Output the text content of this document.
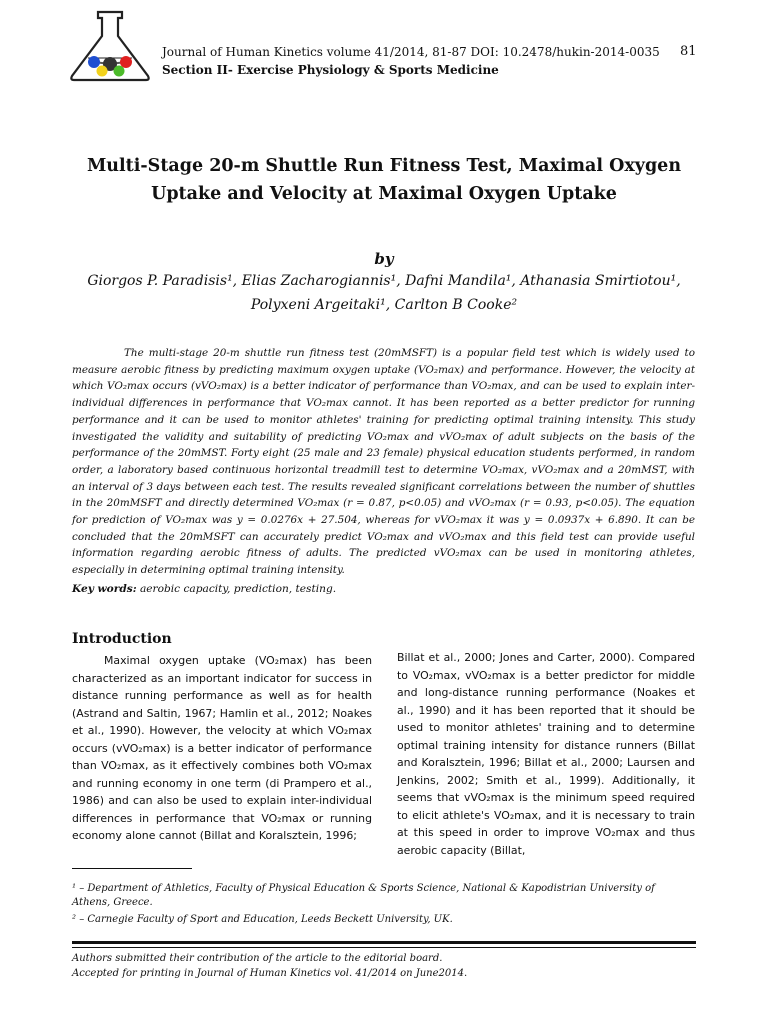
Journal of Human Kinetics volume 41/2014, 81-87 DOI: 10.2478/hukin-2014-0035 81
Section II- Exercise Physiology & Sports Medicine
Multi-Stage 20-m Shuttle Run Fitness Test, Maximal Oxygen Uptake and Velocity at Maximal Oxygen Uptake
by
Giorgos P. Paradisis¹, Elias Zacharogiannis¹, Dafni Mandila¹, Athanasia Smirtiotou¹,
Polyxeni Argeitaki¹, Carlton B Cooke²

The multi-stage 20-m shuttle run fitness test (20mMSFT) is a popular field test which is widely used to measure aerobic fitness by predicting maximum oxygen uptake (VO₂max) and performance. However, the velocity at which VO₂max occurs (vVO₂max) is a better indicator of performance than VO₂max, and can be used to explain inter-individual differences in performance that VO₂max cannot. It has been reported as a better predictor for running performance and it can be used to monitor athletes' training for predicting optimal training intensity. This study investigated the validity and suitability of predicting VO₂max and vVO₂max of adult subjects on the basis of the performance of the 20mMST. Forty eight (25 male and 23 female) physical education students performed, in random order, a laboratory based continuous horizontal treadmill test to determine VO₂max, vVO₂max and a 20mMST, with an interval of 3 days between each test. The results revealed significant correlations between the number of shuttles in the 20mMSFT and directly determined VO₂max (r = 0.87, p<0.05) and vVO₂max (r = 0.93, p<0.05). The equation for prediction of VO₂max was y = 0.0276x + 27.504, whereas for vVO₂max it was y = 0.0937x + 6.890. It can be concluded that the 20mMSFT can accurately predict VO₂max and vVO₂max and this field test can provide useful information regarding aerobic fitness of adults. The predicted vVO₂max can be used in monitoring athletes, especially in determining optimal training intensity.

Key words: aerobic capacity, prediction, testing.
Introduction

Maximal oxygen uptake (VO₂max) has been characterized as an important indicator for success in distance running performance as well as for health (Astrand and Saltin, 1967; Hamlin et al., 2012; Noakes et al., 1990). However, the velocity at which VO₂max occurs (vVO₂max) is a better indicator of performance than VO₂max, as it effectively combines both VO₂max and running economy in one term (di Prampero et al., 1986) and can also be used to explain inter-individual differences in performance that VO₂max or running economy alone cannot (Billat and Koralsztein, 1996;

Billat et al., 2000; Jones and Carter, 2000). Compared to VO₂max, vVO₂max is a better predictor for middle and long-distance running performance (Noakes et al., 1990) and it has been reported that it should be used to monitor athletes' training and to determine optimal training intensity for distance runners (Billat and Koralsztein, 1996; Billat et al., 2000; Laursen and Jenkins, 2002; Smith et al., 1999). Additionally, it seems that vVO₂max is the minimum speed required to elicit athlete's VO₂max, and it is necessary to train at this speed in order to improve VO₂max and thus aerobic capacity (Billat,

¹ – Department of Athletics, Faculty of Physical Education & Sports Science, National & Kapodistrian University of Athens, Greece.

² – Carnegie Faculty of Sport and Education, Leeds Beckett University, UK.

Authors submitted their contribution of the article to the editorial board.
Accepted for printing in Journal of Human Kinetics vol. 41/2014 on June2014.
